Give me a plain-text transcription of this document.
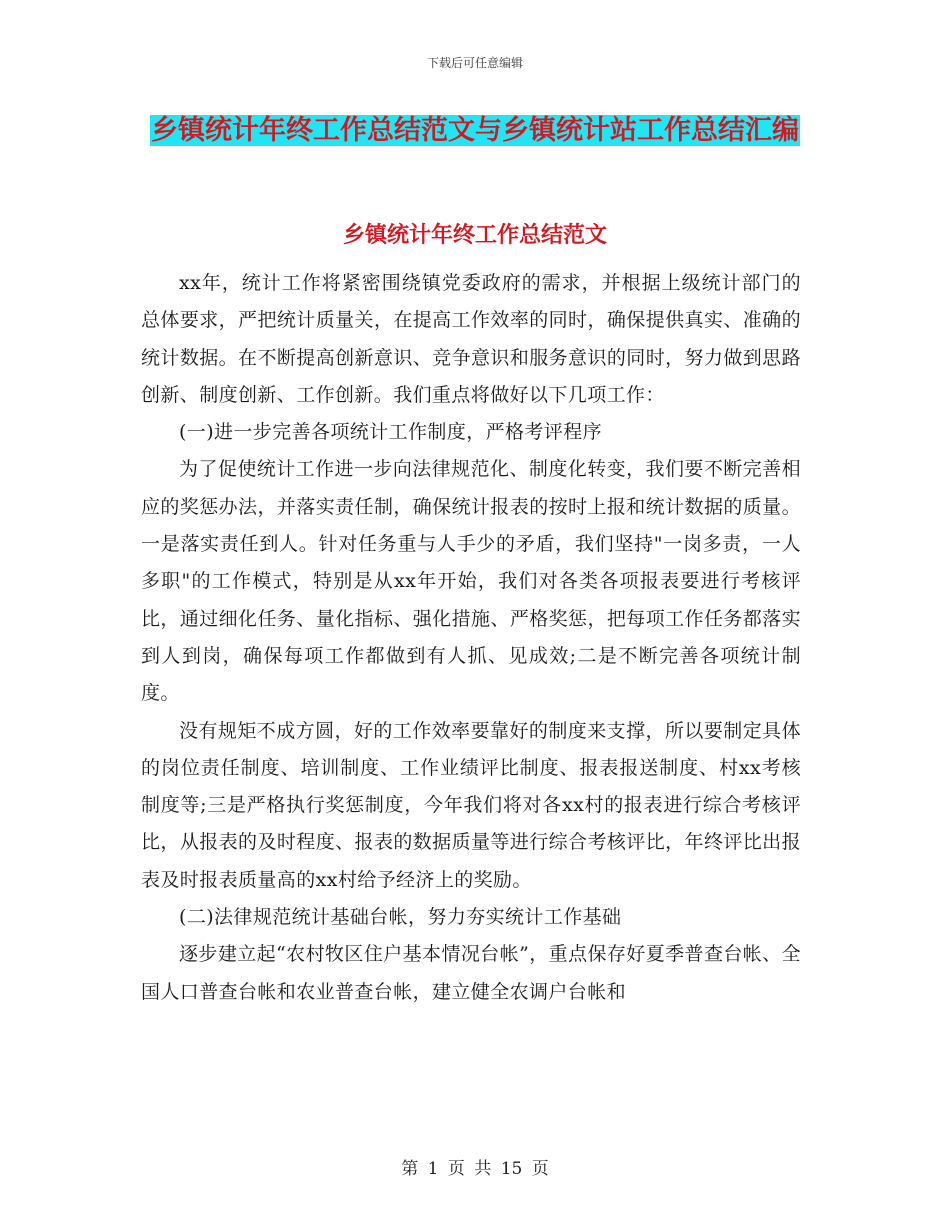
下载后可任意编辑
乡镇统计年终工作总结范文与乡镇统计站工作总结汇编
乡镇统计年终工作总结范文

xx年，统计工作将紧密围绕镇党委政府的需求，并根据上级统计部门的总体要求，严把统计质量关，在提高工作效率的同时，确保提供真实、准确的统计数据。在不断提高创新意识、竞争意识和服务意识的同时，努力做到思路创新、制度创新、工作创新。我们重点将做好以下几项工作：

(一)进一步完善各项统计工作制度，严格考评程序

为了促使统计工作进一步向法律规范化、制度化转变，我们要不断完善相应的奖惩办法，并落实责任制，确保统计报表的按时上报和统计数据的质量。一是落实责任到人。针对任务重与人手少的矛盾，我们坚持"一岗多责，一人多职"的工作模式，特别是从xx年开始，我们对各类各项报表要进行考核评比，通过细化任务、量化指标、强化措施、严格奖惩，把每项工作任务都落实到人到岗，确保每项工作都做到有人抓、见成效;二是不断完善各项统计制度。

没有规矩不成方圆，好的工作效率要靠好的制度来支撑，所以要制定具体的岗位责任制度、培训制度、工作业绩评比制度、报表报送制度、村xx考核制度等;三是严格执行奖惩制度，今年我们将对各xx村的报表进行综合考核评比，从报表的及时程度、报表的数据质量等进行综合考核评比，年终评比出报表及时报表质量高的xx村给予经济上的奖励。

(二)法律规范统计基础台帐，努力夯实统计工作基础

逐步建立起“农村牧区住户基本情况台帐”，重点保存好夏季普查台帐、全国人口普查台帐和农业普查台帐，建立健全农调户台帐和

第 1 页 共 15 页
